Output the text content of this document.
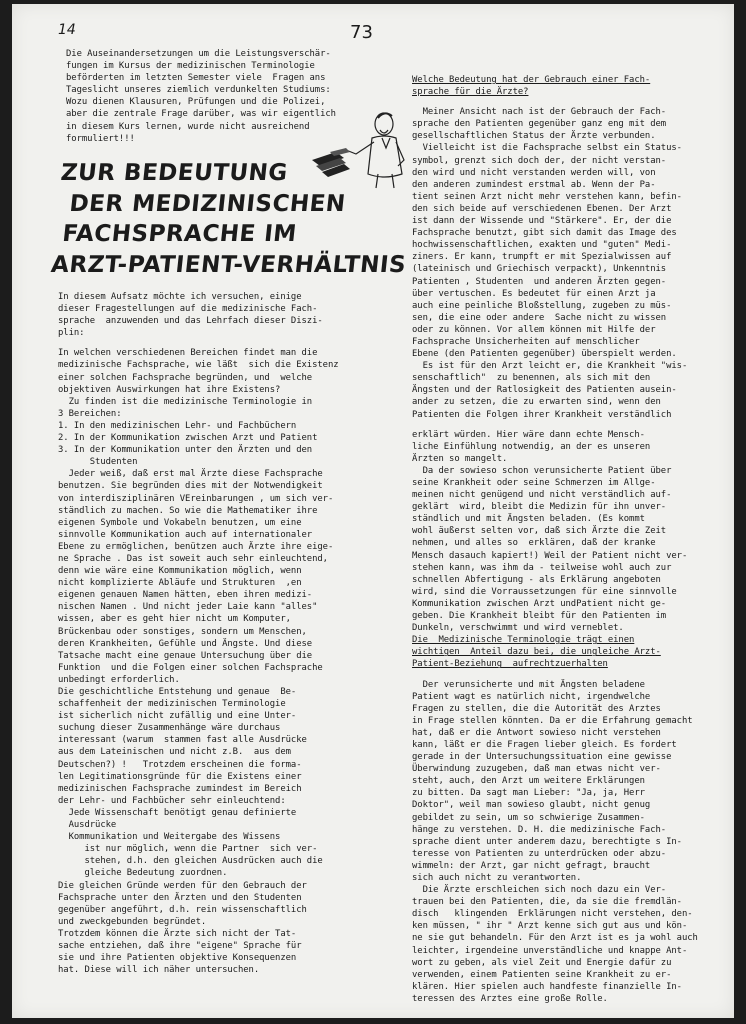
14	73

Die Auseinandersetzungen um die Leistungsverschär-

fungen im Kursus der medizinischen Terminologie

beförderten im letzten Semester viele  Fragen ans

Tageslicht unseres ziemlich verdunkelten Studiums:

Wozu dienen Klausuren, Prüfungen und die Polizei,

aber die zentrale Frage darüber, was wir eigentlich

in diesem Kurs lernen, wurde nicht ausreichend

formuliert!!!

ZUR BEDEUTUNG
DER MEDIZINISCHEN
FACHSPRACHE IM
ARZT-PATIENT-VERHÄLTNIS

In diesem Aufsatz möchte ich versuchen, einige

dieser Fragestellungen auf die medizinische Fach-

sprache  anzuwenden und das Lehrfach dieser Diszi-

plin:

In welchen verschiedenen Bereichen findet man die

medizinische Fachsprache, wie läßt  sich die Existenz

einer solchen Fachsprache begründen, und  welche

objektiven Auswirkungen hat ihre Existens?

Zu finden ist die medizinische Terminologie in

3 Bereichen:

1. In den medizinischen Lehr- und Fachbüchern

2. In der Kommunikation zwischen Arzt und Patient

3. In der Kommunikation unter den Ärzten und den

Studenten

Jeder weiß, daß erst mal Ärzte diese Fachsprache

benutzen. Sie begründen dies mit der Notwendigkeit

von interdisziplinären VEreinbarungen , um sich ver-

ständlich zu machen. So wie die Mathematiker ihre

eigenen Symbole und Vokabeln benutzen, um eine

sinnvolle Kommunikation auch auf internationaler

Ebene zu ermöglichen, benützen auch Ärzte ihre eige-

ne Sprache . Das ist soweit auch sehr einleuchtend,

denn wie wäre eine Kommunikation möglich, wenn

nicht komplizierte Abläufe und Strukturen  ,en

eigenen genauen Namen hätten, eben ihren medizi-

nischen Namen . Und nicht jeder Laie kann "alles"

wissen, aber es geht hier nicht um Komputer,

Brückenbau oder sonstiges, sondern um Menschen,

deren Krankheiten, Gefühle und Ängste. Und diese

Tatsache macht eine genaue Untersuchung über die

Funktion  und die Folgen einer solchen Fachsprache

unbedingt erforderlich.

Die geschichtliche Entstehung und genaue  Be-

schaffenheit der medizinischen Terminologie

ist sicherlich nicht zufällig und eine Unter-

suchung dieser Zusammenhänge wäre durchaus

interessant (warum  stammen fast alle Ausdrücke

aus dem Lateinischen und nicht z.B.  aus dem

Deutschen?) !   Trotzdem erscheinen die forma-

len Legitimationsgründe für die Existens einer

medizinischen Fachsprache zumindest im Bereich

der Lehr- und Fachbücher sehr einleuchtend:

Jede Wissenschaft benötigt genau definierte

Ausdrücke

Kommunikation und Weitergabe des Wissens

ist nur möglich, wenn die Partner  sich ver-

stehen, d.h. den gleichen Ausdrücken auch die

gleiche Bedeutung zuordnen.

Die gleichen Gründe werden für den Gebrauch der

Fachsprache unter den Ärzten und den Studenten

gegenüber angeführt, d.h. rein wissenschaftlich

und zweckgebunden begründet.

Trotzdem können die Ärzte sich nicht der Tat-

sache entziehen, daß ihre "eigene" Sprache für

sie und ihre Patienten objektive Konsequenzen

hat. Diese will ich näher untersuchen.

Welche Bedeutung hat der Gebrauch einer Fach-

sprache für die Ärzte?

Meiner Ansicht nach ist der Gebrauch der Fach-

sprache den Patienten gegenüber ganz eng mit dem

gesellschaftlichen Status der Ärzte verbunden.

Vielleicht ist die Fachsprache selbst ein Status-

symbol, grenzt sich doch der, der nicht verstan-

den wird und nicht verstanden werden will, von

den anderen zumindest erstmal ab. Wenn der Pa-

tient seinen Arzt nicht mehr verstehen kann, befin-

den sich beide auf verschiedenen Ebenen. Der Arzt

ist dann der Wissende und "Stärkere". Er, der die

Fachsprache benutzt, gibt sich damit das Image des

hochwissenschaftlichen, exakten und "guten" Medi-

ziners. Er kann, trumpft er mit Spezialwissen auf

(lateinisch und Griechisch verpackt), Unkenntnis

Patienten , Studenten  und anderen Ärzten gegen-

über vertuschen. Es bedeutet für einen Arzt ja

auch eine peinliche Bloßstellung, zugeben zu müs-

sen, die eine oder andere  Sache nicht zu wissen

oder zu können. Vor allem können mit Hilfe der

Fachsprache Unsicherheiten auf menschlicher

Ebene (den Patienten gegenüber) überspielt werden.

Es ist für den Arzt leicht er, die Krankheit "wis-

senschaftlich"  zu benennen, als sich mit den

Ängsten und der Ratlosigkeit des Patienten ausein-

ander zu setzen, die zu erwarten sind, wenn den

Patienten die Folgen ihrer Krankheit verständlich

erklärt würden. Hier wäre dann echte Mensch-

liche Einfühlung notwendig, an der es unseren

Ärzten so mangelt.

Da der sowieso schon verunsicherte Patient über

seine Krankheit oder seine Schmerzen im Allge-

meinen nicht genügend und nicht verständlich auf-

geklärt  wird, bleibt die Medizin für ihn unver-

ständlich und mit Ängsten beladen. (Es kommt

wohl äußerst selten vor, daß sich Ärzte die Zeit

nehmen, und alles so  erklären, daß der kranke

Mensch dasauch kapiert!) Weil der Patient nicht ver-

stehen kann, was ihm da - teilweise wohl auch zur

schnellen Abfertigung - als Erklärung angeboten

wird, sind die Vorraussetzungen für eine sinnvolle

Kommunikation zwischen Arzt undPatient nicht ge-

geben. Die Krankheit bleibt für den Patienten im

Dunkeln, verschwimmt und wird verneblet.

Die  Medizinische Terminologie trägt einen

wichtigen  Anteil dazu bei, die ungleiche Arzt-

Patient-Beziehung  aufrechtzuerhalten

Der verunsicherte und mit Ängsten beladene

Patient wagt es natürlich nicht, irgendwelche

Fragen zu stellen, die die Autorität des Arztes

in Frage stellen könnten. Da er die Erfahrung gemacht

hat, daß er die Antwort sowieso nicht verstehen

kann, läßt er die Fragen lieber gleich. Es fordert

gerade in der Untersuchungssituation eine gewisse

Überwindung zuzugeben, daß man etwas nicht ver-

steht, auch, den Arzt um weitere Erklärungen

zu bitten. Da sagt man Lieber: "Ja, ja, Herr

Doktor", weil man sowieso glaubt, nicht genug

gebildet zu sein, um so schwierige Zusammen-

hänge zu verstehen. D. H. die medizinische Fach-

sprache dient unter anderem dazu, berechtigte s In-

teresse von Patienten zu unterdrücken oder abzu-

wimmeln: der Arzt, gar nicht gefragt, braucht

sich auch nicht zu verantworten.

Die Ärzte erschleichen sich noch dazu ein Ver-

trauen bei den Patienten, die, da sie die fremdlän-

disch   klingenden  Erklärungen nicht verstehen, den-

ken müssen, " ihr " Arzt kenne sich gut aus und kön-

ne sie gut behandeln. Für den Arzt ist es ja wohl auch

leichter, irgendeine unverständliche und knappe Ant-

wort zu geben, als viel Zeit und Energie dafür zu

verwenden, einem Patienten seine Krankheit zu er-

klären. Hier spielen auch handfeste finanzielle In-

teressen des Arztes eine große Rolle.
